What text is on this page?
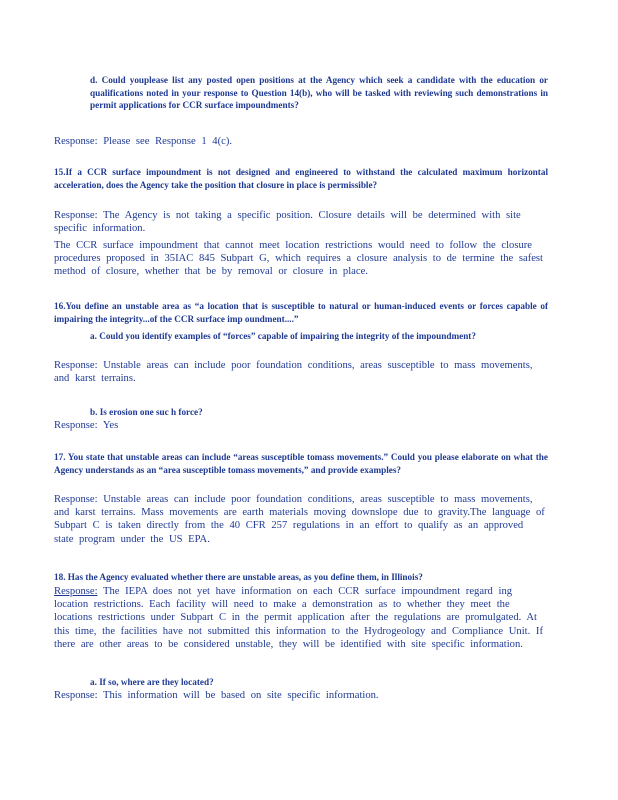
d. Could youplease list any posted open positions at the Agency which seek a candidate with the education or qualifications noted in your response to Question 14(b), who will be tasked with reviewing such demonstrations in permit applications for CCR surface impoundments?
Response: Please see Response 1 4(c).
15.If a CCR surface impoundment is not designed and engineered to withstand the calculated maximum horizontal acceleration, does the Agency take the position that closure in place is permissible?
Response: The Agency is not taking a specific position. Closure details will be determined with site specific information.
The CCR surface impoundment that cannot meet location restrictions would need to follow the closure procedures proposed in 35IAC 845 Subpart G, which requires a closure analysis to de termine the safest method of closure, whether that be by removal or closure in place.
16.You define an unstable area as “a location that is susceptible to natural or human-induced events or forces capable of impairing the integrity...of the CCR surface imp oundment....”
a. Could you identify examples of “forces” capable of impairing the integrity of the impoundment?
Response: Unstable areas can include poor foundation conditions, areas susceptible to mass movements, and karst terrains.
b. Is erosion one suc h force?
Response: Yes
17. You state that unstable areas can include “areas susceptible tomass movements.” Could you please elaborate on what the Agency understands as an “area susceptible tomass movements,” and provide examples?
Response: Unstable areas can include poor foundation conditions, areas susceptible to mass movements, and karst terrains. Mass movements are earth materials moving downslope due to gravity.The language of Subpart C is taken directly from the 40 CFR 257 regulations in an effort to qualify as an approved state program under the US EPA.
18. Has the Agency evaluated whether there are unstable areas, as you define them, in Illinois?
Response: The IEPA does not yet have information on each CCR surface impoundment regard ing location restrictions. Each facility will need to make a demonstration as to whether they meet the locations restrictions under Subpart C in the permit application after the regulations are promulgated. At this time, the facilities have not submitted this information to the Hydrogeology and Compliance Unit. If there are other areas to be considered unstable, they will be identified with site specific information.
a. If so, where are they located?
Response: This information will be based on site specific information.
